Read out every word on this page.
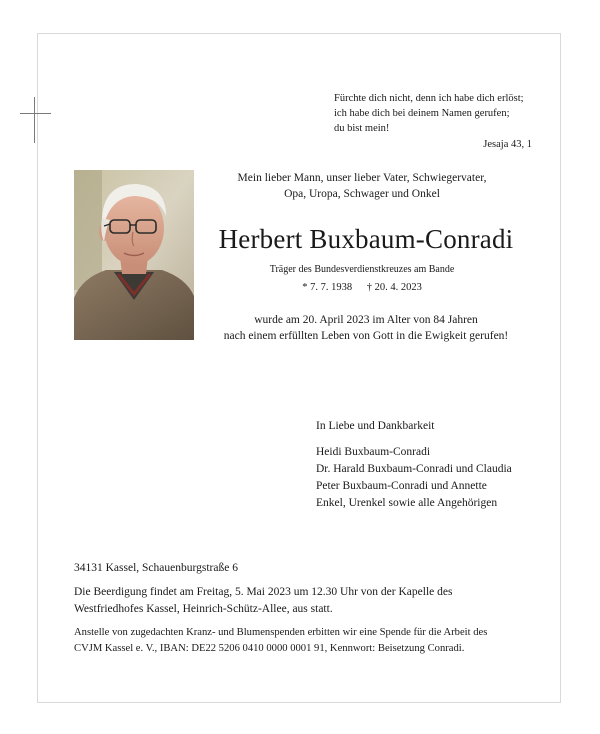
Fürchte dich nicht, denn ich habe dich erlöst;
ich habe dich bei deinem Namen gerufen;
du bist mein!
Jesaja 43, 1
Mein lieber Mann, unser lieber Vater, Schwiegervater,
Opa, Uropa, Schwager und Onkel
Herbert Buxbaum-Conradi
Träger des Bundesverdienstkreuzes am Bande
* 7. 7. 1938 † 20. 4. 2023
wurde am 20. April 2023 im Alter von 84 Jahren
nach einem erfüllten Leben von Gott in die Ewigkeit gerufen!
In Liebe und Dankbarkeit
Heidi Buxbaum-Conradi
Dr. Harald Buxbaum-Conradi und Claudia
Peter Buxbaum-Conradi und Annette
Enkel, Urenkel sowie alle Angehörigen
34131 Kassel, Schauenburgstraße 6
Die Beerdigung findet am Freitag, 5. Mai 2023 um 12.30 Uhr von der Kapelle des
Westfriedhofes Kassel, Heinrich-Schütz-Allee, aus statt.
Anstelle von zugedachten Kranz- und Blumenspenden erbitten wir eine Spende für die Arbeit des
CVJM Kassel e. V., IBAN: DE22 5206 0410 0000 0001 91, Kennwort: Beisetzung Conradi.
